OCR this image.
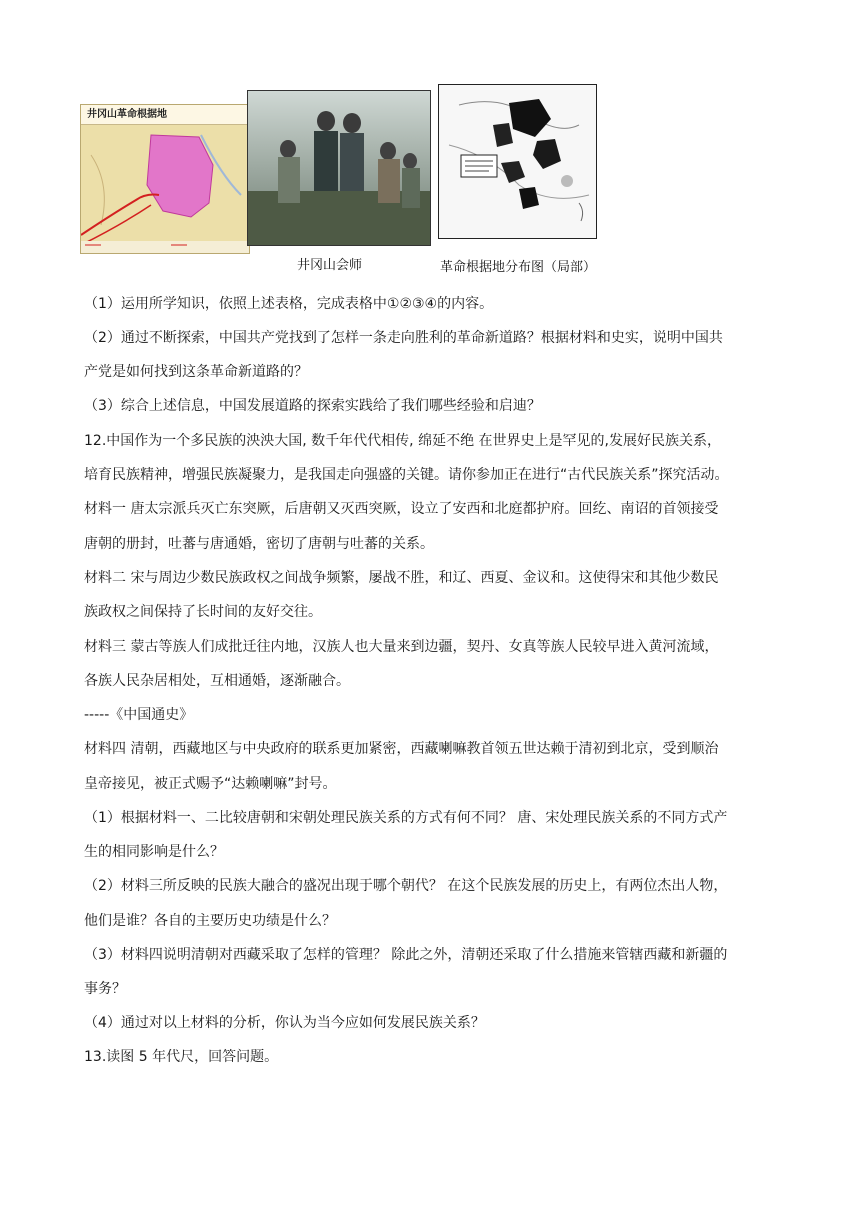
井冈山革命根据地
井冈山会师	革命根据地分布图（局部）
（1）运用所学知识，依照上述表格，完成表格中①②③④的内容。
（2）通过不断探索，中国共产党找到了怎样一条走向胜利的革命新道路？根据材料和史实，说明中国共
产党是如何找到这条革命新道路的？
（3）综合上述信息，中国发展道路的探索实践给了我们哪些经验和启迪？
12.中国作为一个多民族的泱泱大国, 数千年代代相传, 绵延不绝 在世界史上是罕见的,发展好民族关系，
培育民族精神，增强民族凝聚力，是我国走向强盛的关键。请你参加正在进行“古代民族关系”探究活动。
材料一 唐太宗派兵灭亡东突厥，后唐朝又灭西突厥，设立了安西和北庭都护府。回纥、南诏的首领接受
唐朝的册封，吐蕃与唐通婚，密切了唐朝与吐蕃的关系。
材料二 宋与周边少数民族政权之间战争频繁，屡战不胜，和辽、西夏、金议和。这使得宋和其他少数民
族政权之间保持了长时间的友好交往。
材料三 蒙古等族人们成批迁往内地，汉族人也大量来到边疆，契丹、女真等族人民较早进入黄河流域，
各族人民杂居相处，互相通婚，逐渐融合。
-----《中国通史》
材料四 清朝，西藏地区与中央政府的联系更加紧密，西藏喇嘛教首领五世达赖于清初到北京，受到顺治
皇帝接见，被正式赐予“达赖喇嘛”封号。
（1）根据材料一、二比较唐朝和宋朝处理民族关系的方式有何不同？ 唐、宋处理民族关系的不同方式产
生的相同影响是什么？
（2）材料三所反映的民族大融合的盛况出现于哪个朝代？ 在这个民族发展的历史上，有两位杰出人物，
他们是谁？各自的主要历史功绩是什么？
（3）材料四说明清朝对西藏采取了怎样的管理？ 除此之外，清朝还采取了什么措施来管辖西藏和新疆的
事务？
（4）通过对以上材料的分析，你认为当今应如何发展民族关系？
13.读图 5 年代尺，回答问题。
